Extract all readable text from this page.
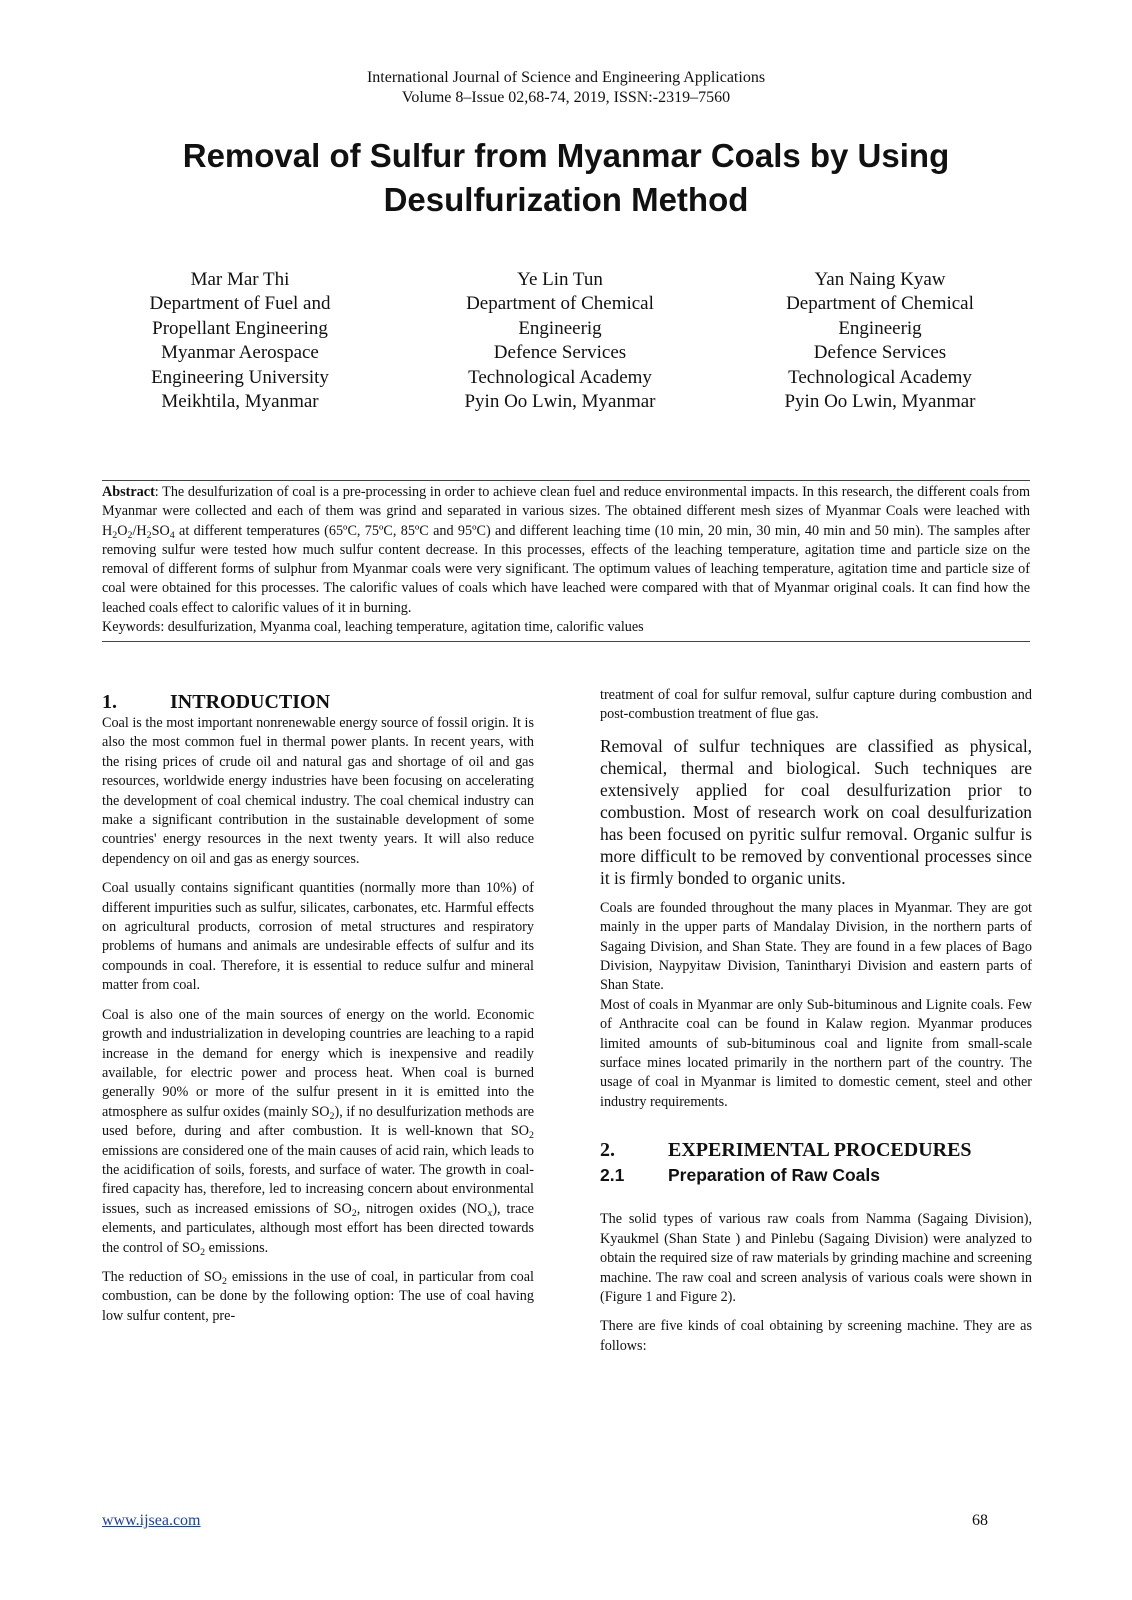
International Journal of Science and Engineering Applications
Volume 8–Issue 02,68-74, 2019, ISSN:-2319–7560
Removal of Sulfur from Myanmar Coals by Using
Desulfurization Method
Mar Mar Thi
Department of Fuel and
Propellant Engineering
Myanmar Aerospace
Engineering University
Meikhtila, Myanmar
Ye Lin Tun
Department of Chemical
Engineerig
Defence Services
Technological Academy
Pyin Oo Lwin, Myanmar
Yan Naing Kyaw
Department of Chemical
Engineerig
Defence Services
Technological Academy
Pyin Oo Lwin, Myanmar

Abstract: The desulfurization of coal is a pre-processing in order to achieve clean fuel and reduce environmental impacts. In this research, the different coals from Myanmar were collected and each of them was grind and separated in various sizes. The obtained different mesh sizes of Myanmar Coals were leached with $H_2O_2/H_2SO_4$ at different temperatures (65ºC, 75ºC, 85ºC and 95ºC) and different leaching time (10 min, 20 min, 30 min, 40 min and 50 min). The samples after removing sulfur were tested how much sulfur content decrease. In this processes, effects of the leaching temperature, agitation time and particle size on the removal of different forms of sulphur from Myanmar coals were very significant. The optimum values of leaching temperature, agitation time and particle size of coal were obtained for this processes. The calorific values of coals which have leached were compared with that of Myanmar original coals. It can find how the leached coals effect to calorific values of it in burning.

Keywords: desulfurization, Myanma coal, leaching temperature, agitation time, calorific values

1.	INTRODUCTION

Coal is the most important nonrenewable energy source of fossil origin. It is also the most common fuel in thermal power plants. In recent years, with the rising prices of crude oil and natural gas and shortage of oil and gas resources, worldwide energy industries have been focusing on accelerating the development of coal chemical industry. The coal chemical industry can make a significant contribution in the sustainable development of some countries' energy resources in the next twenty years. It will also reduce dependency on oil and gas as energy sources.

Coal usually contains significant quantities (normally more than 10%) of different impurities such as sulfur, silicates, carbonates, etc. Harmful effects on agricultural products, corrosion of metal structures and respiratory problems of humans and animals are undesirable effects of sulfur and its compounds in coal. Therefore, it is essential to reduce sulfur and mineral matter from coal.

Coal is also one of the main sources of energy on the world. Economic growth and industrialization in developing countries are leaching to a rapid increase in the demand for energy which is inexpensive and readily available, for electric power and process heat. When coal is burned generally 90% or more of the sulfur present in it is emitted into the atmosphere as sulfur oxides (mainly $SO_2$), if no desulfurization methods are used before, during and after combustion. It is well-known that $SO_2$ emissions are considered one of the main causes of acid rain, which leads to the acidification of soils, forests, and surface of water. The growth in coal-fired capacity has, therefore, led to increasing concern about environmental issues, such as increased emissions of $SO_2$, nitrogen oxides $(NO_x)$, trace elements, and particulates, although most effort has been directed towards the control of $SO_2$ emissions.

The reduction of $SO_2$ emissions in the use of coal, in particular from coal combustion, can be done by the following option: The use of coal having low sulfur content, pre-

treatment of coal for sulfur removal, sulfur capture during combustion and post-combustion treatment of flue gas.

Removal of sulfur techniques are classified as physical, chemical, thermal and biological. Such techniques are extensively applied for coal desulfurization prior to combustion. Most of research work on coal desulfurization has been focused on pyritic sulfur removal. Organic sulfur is more difficult to be removed by conventional processes since it is firmly bonded to organic units.

Coals are founded throughout the many places in Myanmar. They are got mainly in the upper parts of Mandalay Division, in the northern parts of Sagaing Division, and Shan State. They are found in a few places of Bago Division, Naypyitaw Division, Tanintharyi Division and eastern parts of Shan State.

Most of coals in Myanmar are only Sub-bituminous and Lignite coals. Few of Anthracite coal can be found in Kalaw region. Myanmar produces limited amounts of sub-bituminous coal and lignite from small-scale surface mines located primarily in the northern part of the country. The usage of coal in Myanmar is limited to domestic cement, steel and other industry requirements.

2.	EXPERIMENTAL PROCEDURES
2.1	Preparation of Raw Coals

The solid types of various raw coals from Namma (Sagaing Division), Kyaukmel (Shan State ) and Pinlebu (Sagaing Division) were analyzed to obtain the required size of raw materials by grinding machine and screening machine. The raw coal and screen analysis of various coals were shown in (Figure 1 and Figure 2).

There are five kinds of coal obtaining by screening machine. They are as follows:

www.ijsea.com	68
